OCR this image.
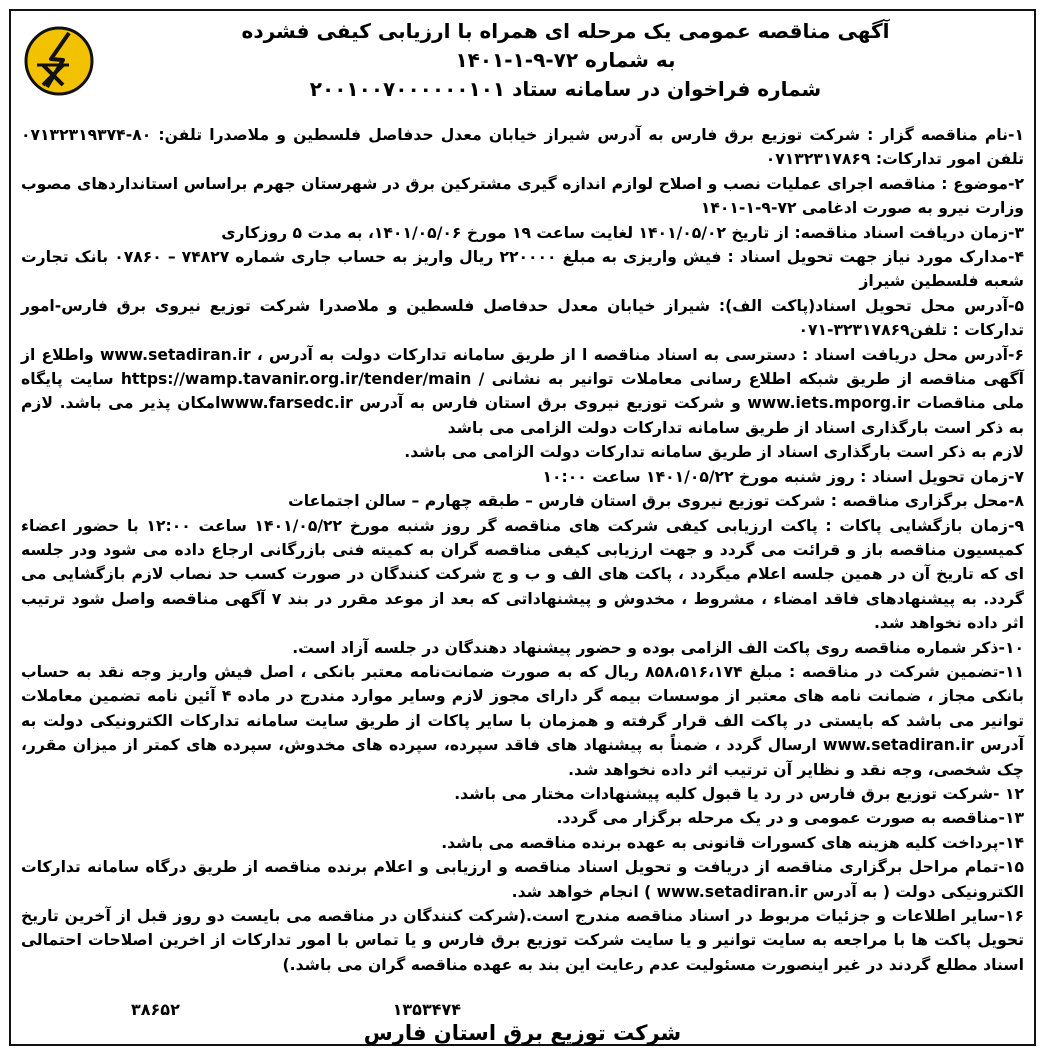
آگهی مناقصه عمومی یک مرحله ای همراه با ارزیابی کیفی فشرده
به شماره ۷۲-۹-۱-۱۴۰۱
شماره فراخوان در سامانه ستاد ۲۰۰۱۰۰۷۰۰۰۰۰۰۱۰۱

۱-نام مناقصه گزار : شرکت توزیع برق فارس به آدرس شیراز خیابان معدل حدفاصل فلسطین و ملاصدرا تلفن: ۸۰-۰۷۱۳۲۳۱۹۳۷۴ تلفن امور تدارکات: ۰۷۱۳۲۳۱۷۸۶۹

۲-موضوع : مناقصه اجرای عملیات نصب و اصلاح لوازم اندازه گیری مشترکین برق در شهرستان جهرم براساس استانداردهای مصوب وزارت نیرو به صورت ادغامی ۷۲-۹-۱-۱۴۰۱

۳-زمان دریافت اسناد مناقصه: از تاریخ ۱۴۰۱/۰۵/۰۲ لغایت ساعت ۱۹ مورخ ۱۴۰۱/۰۵/۰۶، به مدت ۵ روزکاری

۴-مدارک مورد نیاز جهت تحویل اسناد : فیش واریزی به مبلغ ۲۲۰۰۰۰ ریال واریز به حساب جاری شماره ۷۴۸۲۷ – ۰۷۸۶۰ بانک تجارت شعبه فلسطین شیراز

۵-آدرس محل تحویل اسناد(پاکت الف): شیراز خیابان معدل حدفاصل فلسطین و ملاصدرا شرکت توزیع نیروی برق فارس-امور تدارکات : تلفن۳۲۳۱۷۸۶۹-۰۷۱

۶-آدرس محل دریافت اسناد : دسترسی به اسناد مناقصه ا از طریق سامانه تدارکات دولت به آدرس ، www.setadiran.ir واطلاع از آگهی مناقصه از طریق شبکه اطلاع رسانی معاملات توانیر به نشانی / https://wamp.tavanir.org.ir/tender/main سایت پایگاه ملی مناقصات www.iets.mporg.ir و شرکت توزیع نیروی برق استان فارس به آدرس www.farsedc.irامکان پذیر می باشد. لازم به ذکر است بارگذاری اسناد از طریق سامانه تدارکات دولت الزامی می باشد

لازم به ذکر است بارگذاری اسناد از طریق سامانه تدارکات دولت الزامی می باشد.

۷-زمان تحویل اسناد : روز شنبه مورخ ۱۴۰۱/۰۵/۲۲ ساعت ۱۰:۰۰

۸-محل برگزاری مناقصه : شرکت توزیع نیروی برق استان فارس – طبقه چهارم – سالن اجتماعات

۹-زمان بازگشایی پاکات : پاکت ارزیابی کیفی شرکت های مناقصه گر روز شنبه مورخ ۱۴۰۱/۰۵/۲۲ ساعت ۱۲:۰۰ با حضور اعضاء کمیسیون مناقصه باز و قرائت می گردد و جهت ارزیابی کیفی مناقصه گران به کمیته فنی بازرگانی ارجاع داده می شود ودر جلسه ای که تاریخ آن در همین جلسه اعلام میگردد ، پاکت های الف و ب و ج شرکت کنندگان در صورت کسب حد نصاب لازم بازگشایی می گردد. به پیشنهادهای فاقد امضاء ، مشروط ، مخدوش و پیشنهاداتی که بعد از موعد مقرر در بند ۷ آگهی مناقصه واصل شود ترتیب اثر داده نخواهد شد.

۱۰-ذکر شماره مناقصه روی پاکت الف الزامی بوده و حضور پیشنهاد دهندگان در جلسه آزاد است.

۱۱-تضمین شرکت در مناقصه : مبلغ ۸۵۸،۵۱۶،۱۷۴ ریال که به صورت ضمانت‌نامه معتبر بانکی ، اصل فیش واریز وجه نقد به حساب بانکی مجاز ، ضمانت نامه های معتبر از موسسات بیمه گر دارای مجوز لازم وسایر موارد مندرج در ماده ۴ آئین نامه تضمین معاملات توانیر می باشد که بایستی در پاکت الف قرار گرفته و همزمان با سایر پاکات از طریق سایت سامانه تدارکات الکترونیکی دولت به آدرس www.setadiran.ir ارسال گردد ، ضمناً به پیشنهاد های فاقد سپرده، سپرده های مخدوش، سپرده های کمتر از میزان مقرر، چک شخصی، وجه نقد و نظایر آن ترتیب اثر داده نخواهد شد.

۱۲ -شرکت توزیع برق فارس در رد یا قبول کلیه پیشنهادات مختار می باشد.

۱۳-مناقصه به صورت عمومی و در یک مرحله برگزار می گردد.

۱۴-پرداخت کلیه هزینه های کسورات قانونی به عهده برنده مناقصه می باشد.

۱۵-تمام مراحل برگزاری مناقصه از دریافت و تحویل اسناد مناقصه و ارزیابی و اعلام برنده مناقصه از طریق درگاه سامانه تدارکات الکترونیکی دولت ( به آدرس www.setadiran.ir ) انجام خواهد شد.

۱۶-سایر اطلاعات و جزئیات مربوط در اسناد مناقصه مندرج است.(شرکت کنندگان در مناقصه می بایست دو روز قبل از آخرین تاریخ تحویل پاکت ها با مراجعه به سایت توانیر و یا سایت شرکت توزیع برق فارس و یا تماس با امور تدارکات از اخرین اصلاحات احتمالی اسناد مطلع گردند در غیر اینصورت مسئولیت عدم رعایت این بند به عهده مناقصه گران می باشد.)

۳۸۶۵۲	۱۳۵۳۴۷۴
شرکت توزیع برق استان فارس
